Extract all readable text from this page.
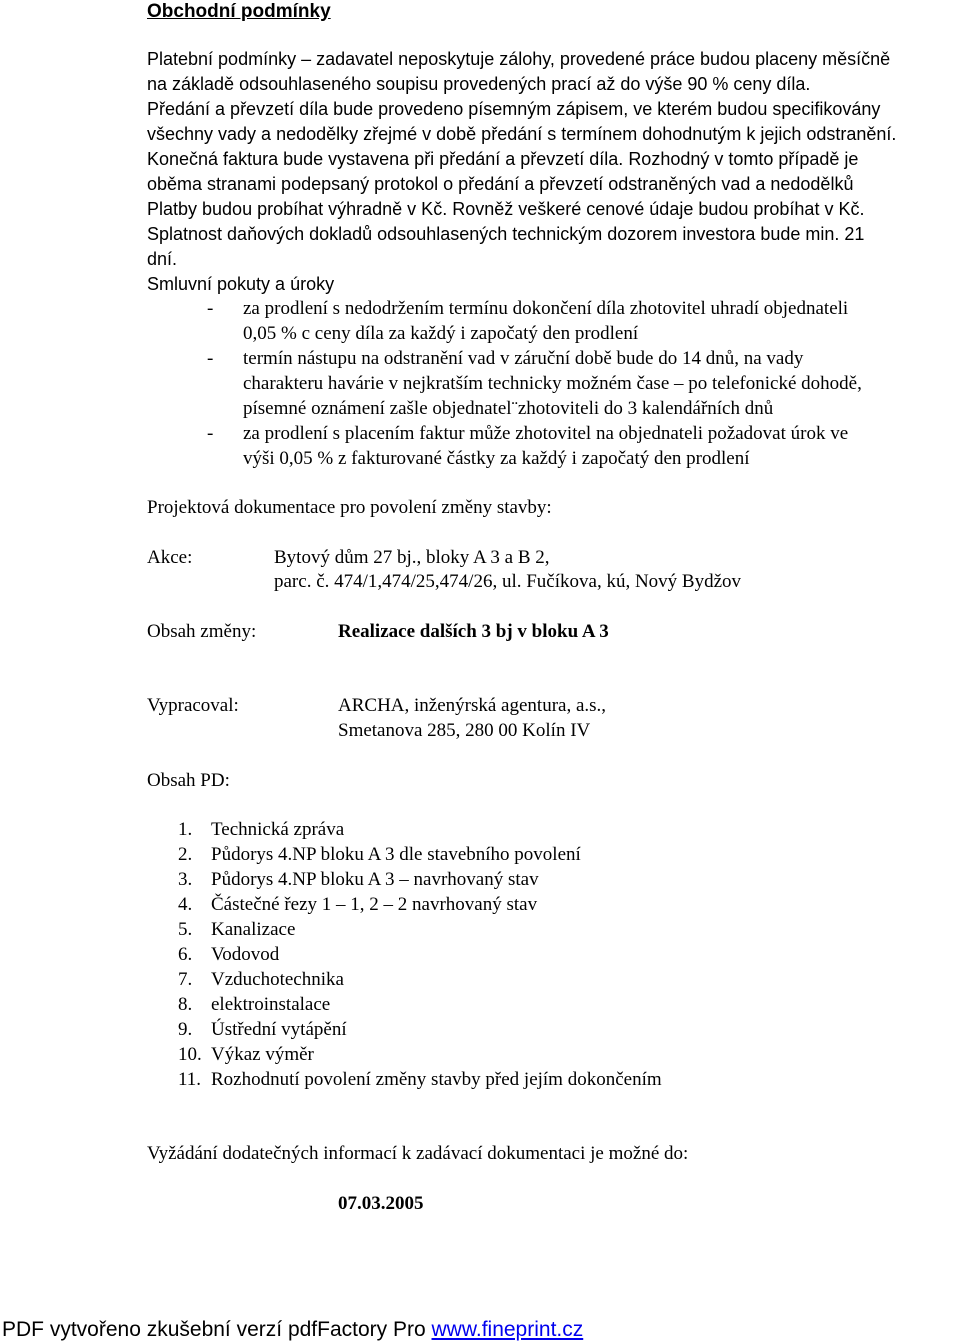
Obchodní podmínky
Platební podmínky – zadavatel neposkytuje zálohy, provedené práce budou placeny měsíčně
na základě odsouhlaseného soupisu provedených prací až do výše 90 % ceny díla.
Předání a převzetí díla bude provedeno písemným zápisem, ve kterém budou specifikovány
všechny vady a nedodělky zřejmé v době předání s termínem dohodnutým k jejich odstranění.
Konečná faktura bude vystavena při předání a převzetí díla. Rozhodný v tomto případě je
oběma stranami podepsaný protokol o předání a převzetí odstraněných vad a nedodělků
Platby budou probíhat výhradně v Kč. Rovněž veškeré cenové údaje budou probíhat v Kč.
Splatnost daňových dokladů odsouhlasených technickým dozorem investora bude min. 21
dní.
Smluvní pokuty a úroky
- za prodlení s nedodržením termínu dokončení díla zhotovitel uhradí objednateli
0,05 % c ceny díla za každý i započatý den prodlení
- termín nástupu na odstranění vad v záruční době bude do 14 dnů, na vady
charakteru havárie v nejkratším technicky možném čase – po telefonické dohodě,
písemné oznámení zašle objednatel¨zhotoviteli do 3 kalendářních dnů
- za prodlení s placením faktur může zhotovitel na objednateli požadovat úrok ve
výši 0,05 % z fakturované částky za každý i započatý den prodlení
Projektová dokumentace pro povolení změny stavby:
Akce:	Bytový dům 27 bj., bloky A 3 a B 2,
parc. č. 474/1,474/25,474/26, ul. Fučíkova, kú, Nový Bydžov
Obsah změny:	Realizace dalších 3 bj v bloku A 3
Vypracoval:	ARCHA, inženýrská agentura, a.s.,
Smetanova 285, 280 00 Kolín IV
Obsah PD:
1. Technická zpráva
2. Půdorys 4.NP bloku A 3 dle stavebního povolení
3. Půdorys 4.NP bloku A 3 – navrhovaný stav
4. Částečné řezy 1 – 1, 2 – 2 navrhovaný stav
5. Kanalizace
6. Vodovod
7. Vzduchotechnika
8. elektroinstalace
9. Ústřední vytápění
10. Výkaz výměr
11. Rozhodnutí povolení změny stavby před jejím dokončením
Vyžádání dodatečných informací k zadávací dokumentaci je možné do:
07.03.2005
PDF vytvořeno zkušební verzí pdfFactory Pro www.fineprint.cz
